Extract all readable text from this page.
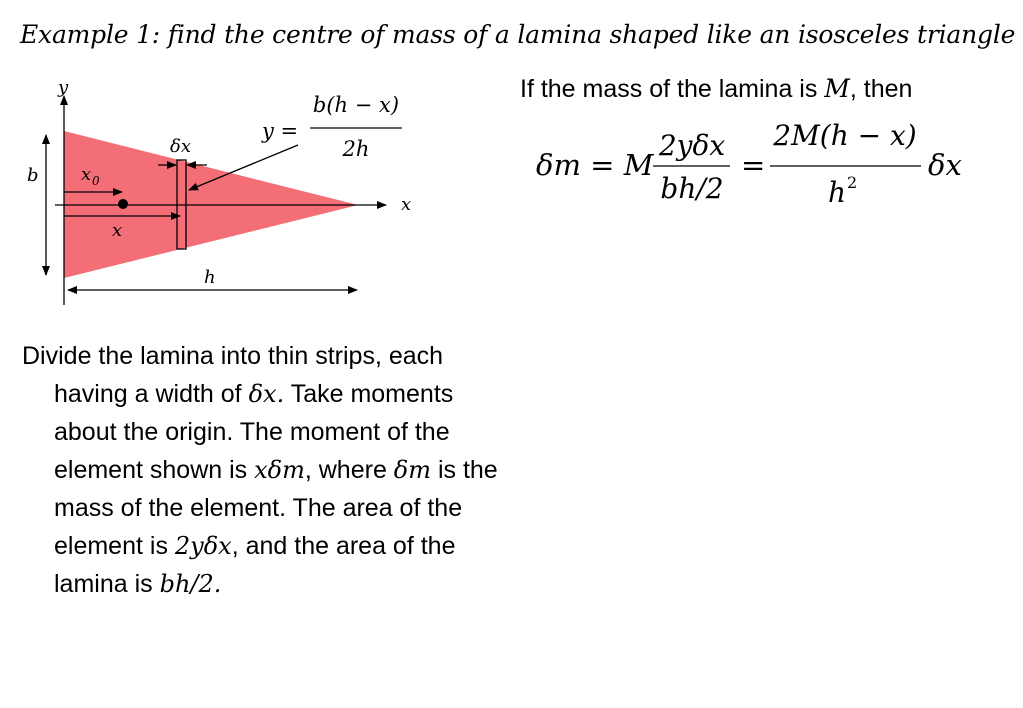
Example 1: find the centre of mass of a lamina shaped like an isosceles triangle
y
x
b
h
x 0
x
δx
y =
b(h − x)
2h
If the mass of the lamina is M, then
δm = M
2yδx
bh/2
=
2M(h − x)
h 2
δx

Divide the lamina into thin strips, each having a width of δx. Take moments about the origin. The moment of the element shown is xδm, where δm is the mass of the element. The area of the element is 2yδx, and the area of the lamina is bh/2.
